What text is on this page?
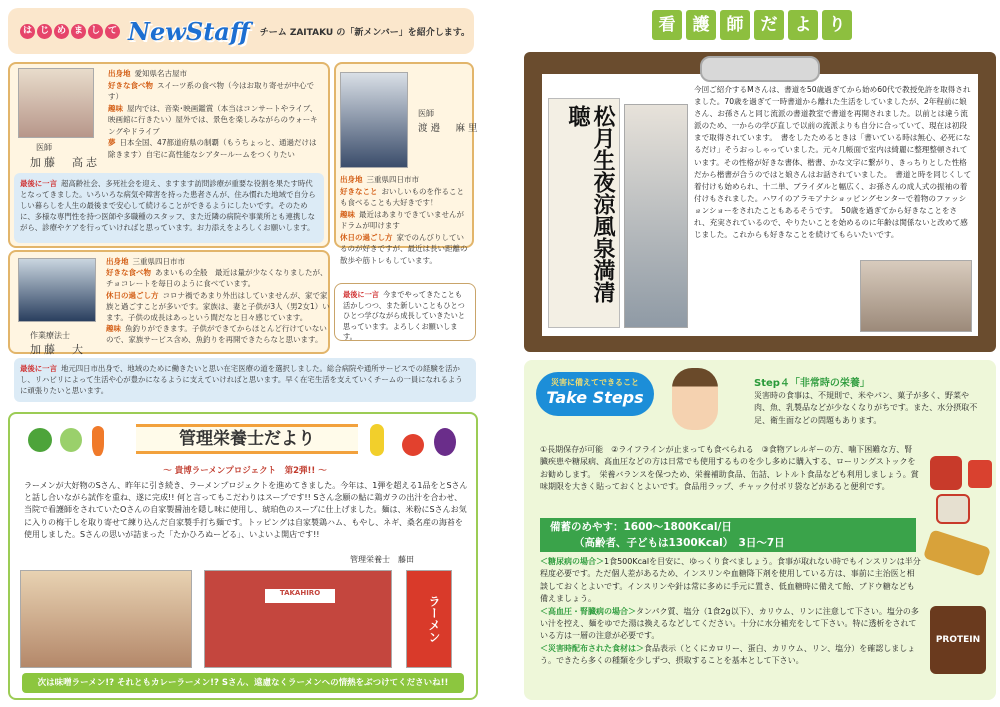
は じ め ま し て NewStaff チーム ZAITAKU の「新メンバー」を紹介します。
医師
加藤　高志
出身地 愛知県名古屋市
好きな食べ物 スイーツ系の食べ物（今はお取り寄せが中心です）
趣味 屋内では、音楽･映画鑑賞（本当はコンサートやライブ、映画館に行きたい）屋外では、景色を楽しみながらのウォーキングやドライブ
夢 日本全国、47都道府県の制覇（もうちょっと、通過だけは除きます）自宅に高性能なシアタールームをつくりたい
最後に一言 超高齢社会、多死社会を迎え、ますます訪問診療が重要な役割を果たす時代となってきました。いろいろな病気や障害を持った患者さんが、住み慣れた地域で自分らしい暮らしを人生の最後まで安心して続けることができるようにしたいです。そのために、多様な専門性を持つ医師や多職種のスタッフ、また近隣の病院や事業所とも連携しながら、診療やケアを行っていければと思っています。お力添えをよろしくお願いします。
医師
渡邉　麻里
出身地 三重県四日市市
好きなこと おいしいものを作ることも食べることも大好きです！
趣味 最近はあまりできていませんがドラムが叩けます
休日の過ごし方 家でのんびりしているのが好きですが、最近は長い距離の散歩や筋トレもしています。
最後に一言 今までやってきたことも活かしつつ、また新しいこともひとつひとつ学びながら成長していきたいと思っています。よろしくお願いします。
作業療法士
加藤　大
出身地 三重県四日市市
好きな食べ物 あまいもの全般　最近は量が少なくなりましたが、チョコレートを毎日のように食べています。
休日の過ごし方 コロナ禍であまり外出はしていませんが、家で家族と過ごすことが多いです。家族は、妻と子供が3人（男2女1）います。子供の成長はあっという間だなと日々感じています。
趣味 魚釣りができます。子供ができてからほとんど行けていないので、家族サービス含め、魚釣りを再開できたらなと思います。
最後に一言 地元四日市出身で、地域のために働きたいと思い在宅医療の道を選択しました。総合病院や通所サービスでの経験を活かし、リハビリによって生活や心が豊かになるように支えていければと思います。早く在宅生活を支えていくチームの一員になれるように頑張りたいと思います。
管理栄養士だより
〜 貴博ラーメンプロジェクト　第2弾!! 〜
ラーメンが大好物のSさん、昨年に引き続き、ラーメンプロジェクトを進めてきました。今年は、1弾を超える1品をとSさんと話し合いながら試作を重ね、遂に完成!! 何と言ってもこだわりはスープです!! Sさん念願の鮎に鶏ガラの出汁を合わせ、当院で看護師をされていたOさんの自家製醤油を隠し味に使用し、琥珀色のスープに仕上げました。麺は、米粉にSさんお気に入りの梅干しを取り寄せて練り込んだ自家製手打ち麺です。トッピングは自家製鶏ハム、もやし、ネギ、桑名産の海苔を使用しました。Sさんの思いが詰まった「たかひろぬーどる」、いよいよ開店です!!
管理栄養士　藤田
TAKAHIRO
ラーメン
次は味噌ラーメン!? それともカレーラーメン!? Sさん、遠慮なくラーメンへの情熱をぶつけてくださいね!!
看	護	師	だ	よ	り
松月生夜涼風泉満清聴
今回ご紹介するMさんは、書道を50歳過ぎてから始め60代で教授免許を取得されました。70歳を過ぎて一時書道から離れた生活をしていましたが、2年程前に娘さん、お孫さんと同じ流派の書道教室で書道を再開されました。以前とは違う流派のため、一からの学び直しで以前の流派よりも自分に合っていて、現在は初段まで取得されています。　書をしたためるときは「書いている時は無心、必死になるだけ」そうおっしゃっていました。元々几帳面で室内は綺麗に整理整頓されています。その性格が好きな書体、楷書、かな文字に繋がり、きっちりとした性格だから楷書が合うのではと娘さんはお話されていました。　書道と時を同じくして着付けも始められ、十二単、ブライダルと幅広く、お孫さんの成人式の振袖の着付けもされました。ハワイのアラモアナショッピングセンターで着物のファッションショーをされたこともあるそうです。　50歳を過ぎてから好きなことをされ、充実されているので、やりたいことを始めるのに年齢は関係ないと改めて感じました。これからも好きなことを続けてもらいたいです。
災害に備えてできること
Take Steps
Step４「非常時の栄養」
災害時の食事は、不規則で、米やパン、菓子が多く、野菜や肉、魚、乳製品などが少なくなりがちです。また、水分摂取不足、衛生面などの問題もあります。
①長期保存が可能　②ライフラインが止まっても食べられる　③食物アレルギーの方、噛下困難な方、腎臓疾患や糖尿病、高血圧などの方は日常でも使用するものを少し多めに購入する、ローリングストックをお勧めします。　栄養バランスを保つため、栄養補助食品、缶詰、レトルト食品なども利用しましょう。賞味期限を大きく貼っておくとよいです。食品用ラップ、チャック付ポリ袋などがあると便利です。
備蓄のめやす：1600〜1800Kcal/日
（高齢者、子どもは1300Kcal）　3日〜7日
＜糖尿病の場合＞1食500Kcalを目安に、ゆっくり食べましょう。食事が取れない時でもインスリンは半分程度必要です。ただ個人差があるため、インスリンや血糖降下剤を使用している方は、事前に主治医と相談しておくとよいです。インスリンや針は常に多めに手元に置き、低血糖時に備えて飴、ブドウ糖なども備えましょう。
＜高血圧・腎臓病の場合＞タンパク質、塩分（1食2g以下）、カリウム、リンに注意して下さい。塩分の多い汁を控え、麺をゆでた湯は換えるなどしてください。十分に水分補充をして下さい。特に透析をされている方は一層の注意が必要です。
＜災害時配布された食材は＞食品表示（とくにカロリー、蛋白、カリウム、リン、塩分）を確認しましょう。できたら多くの種類を少しずつ、摂取することを基本として下さい。
PROTEIN
